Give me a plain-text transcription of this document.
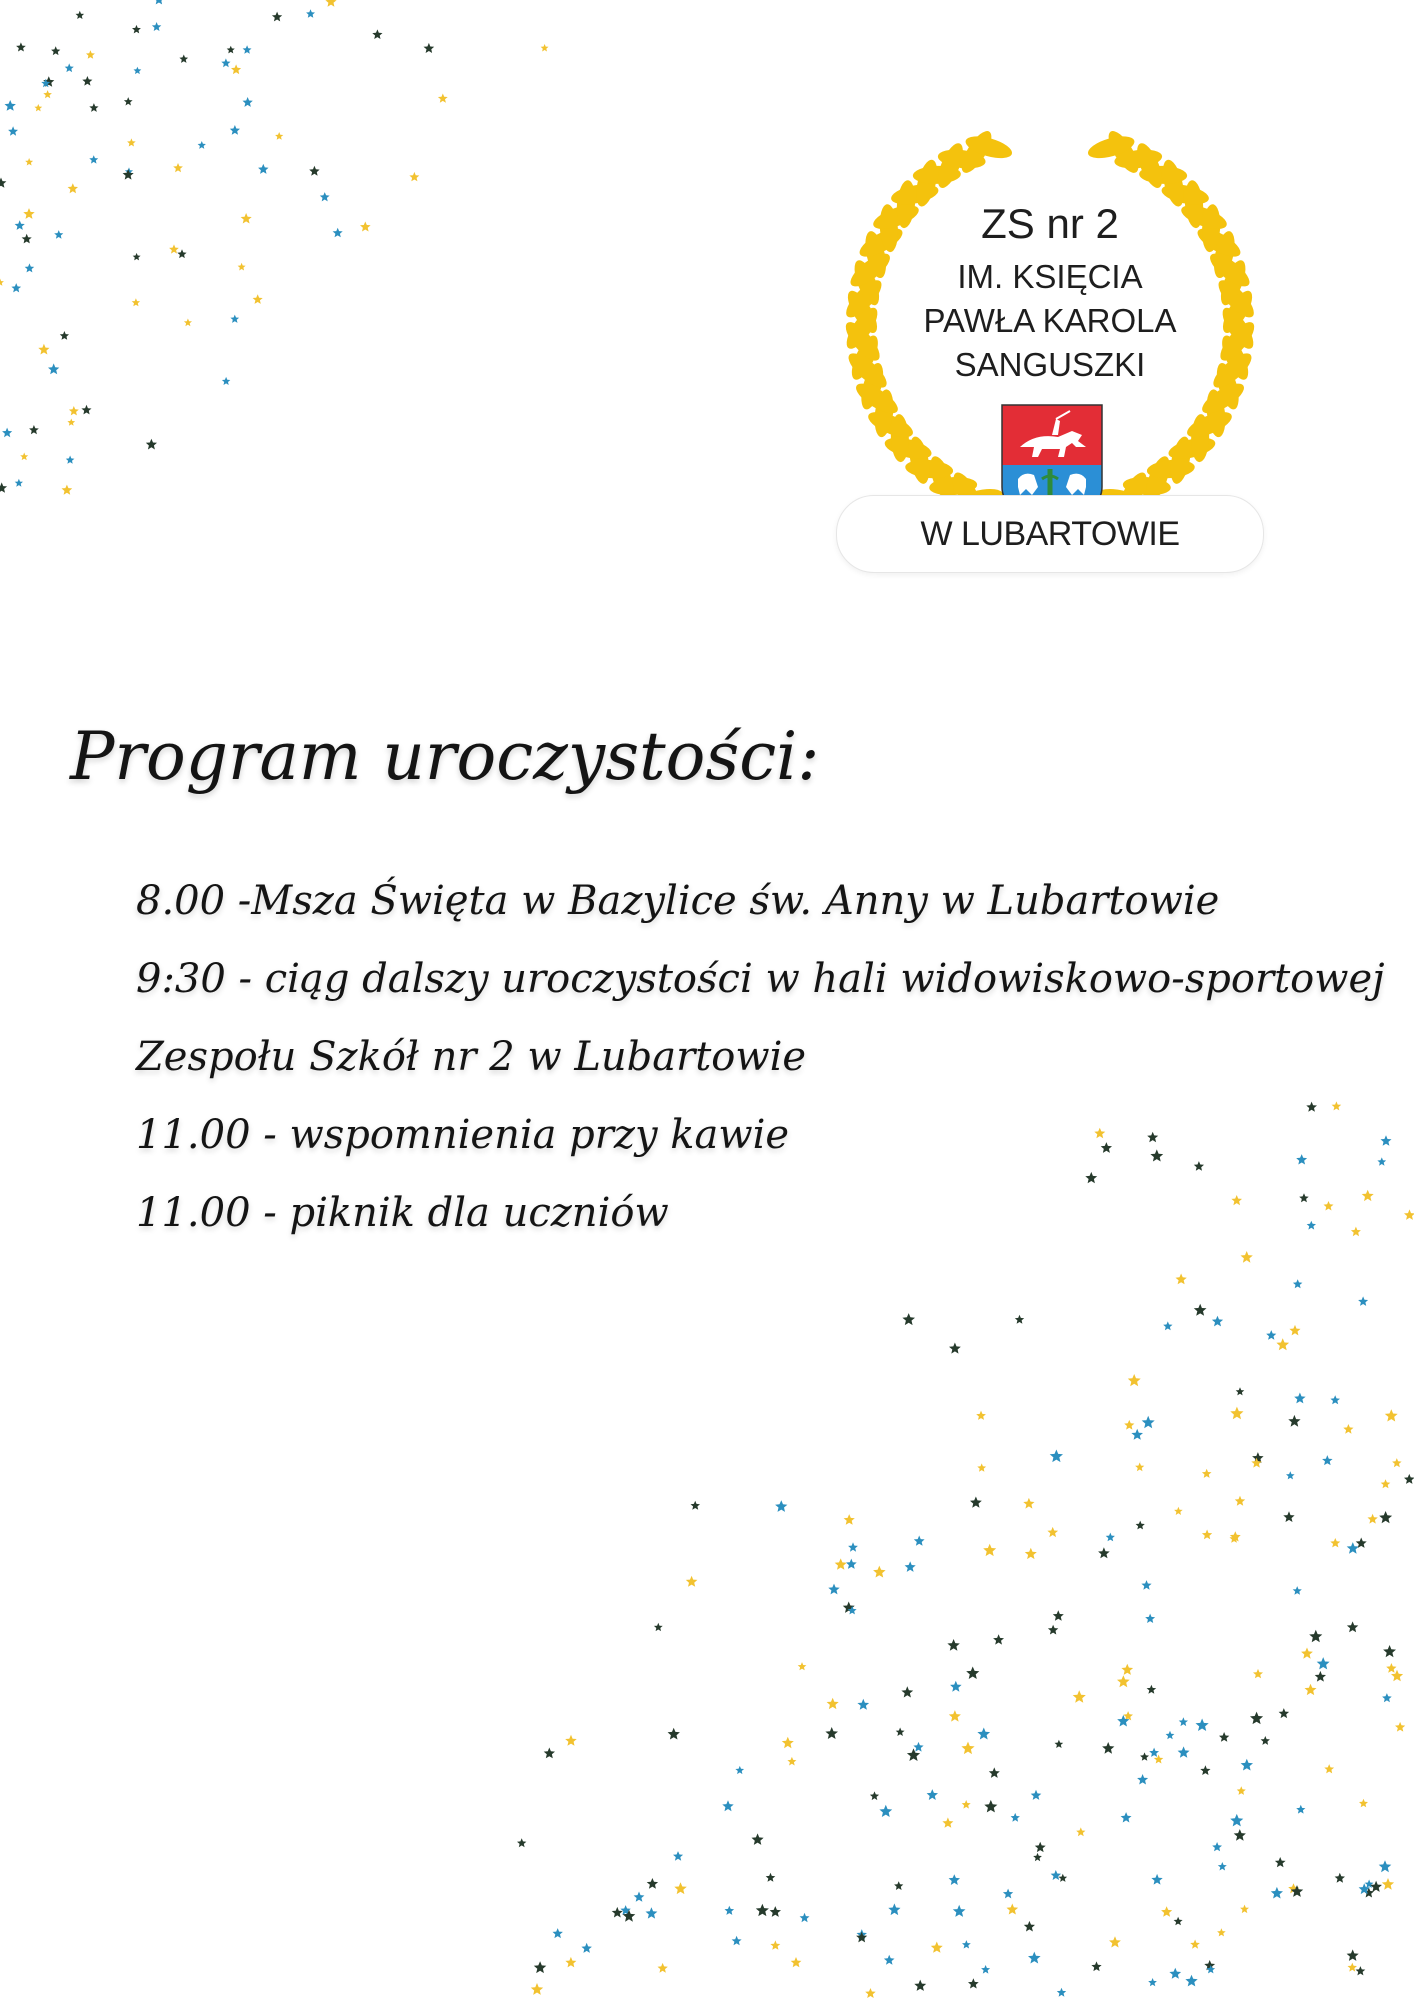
ZS nr 2
IM. KSIĘCIA
PAWŁA KAROLA
SANGUSZKI
W LUBARTOWIE
Program uroczystości:
8.00 -Msza Święta w Bazylice św. Anny w Lubartowie
9:30 - ciąg dalszy uroczystości w hali widowiskowo-sportowej
Zespołu Szkół nr 2 w Lubartowie
11.00 - wspomnienia przy kawie
11.00 - piknik dla uczniów
